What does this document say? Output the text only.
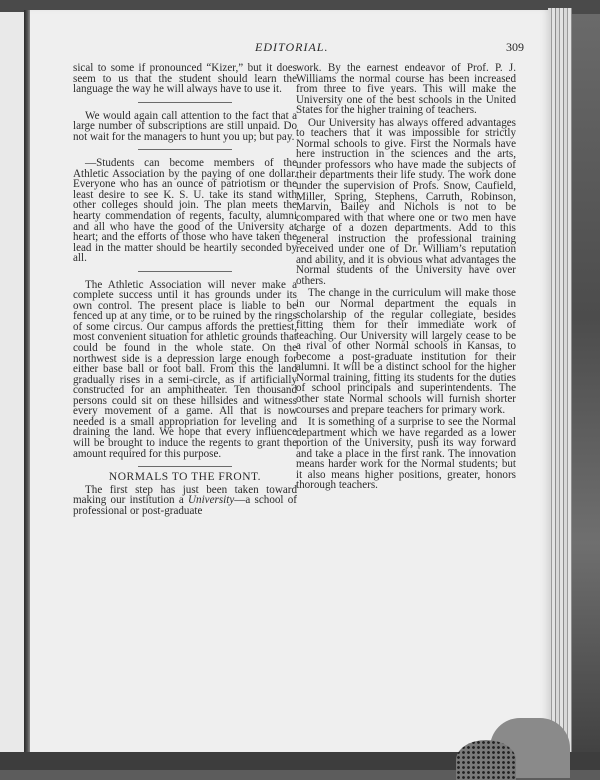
EDITORIAL.	309

sical to some if pronounced “Kizer,” but it does seem to us that the student should learn the language the way he will always have to use it.

We would again call attention to the fact that a large number of subscriptions are still unpaid. Do not wait for the managers to hunt you up; but pay.

—Students can become members of the Athletic Association by the paying of one dollar. Everyone who has an ounce of patriotism or the least desire to see K. S. U. take its stand with other colleges should join. The plan meets the hearty commendation of regents, faculty, alumni and all who have the good of the University at heart; and the efforts of those who have taken the lead in the matter should be heartily seconded by all.

The Athletic Association will never make a complete success until it has grounds under its own control. The present place is liable to be fenced up at any time, or to be ruined by the rings of some circus. Our campus affords the prettiest, most convenient situation for athletic grounds that could be found in the whole state. On the northwest side is a depression large enough for either base ball or foot ball. From this the land gradually rises in a semi-circle, as if artificially constructed for an amphitheater. Ten thousand persons could sit on these hillsides and witness every movement of a game. All that is now needed is a small appropriation for leveling and draining the land. We hope that every influence will be brought to induce the regents to grant the amount required for this purpose.

NORMALS TO THE FRONT.

The first step has just been taken toward making our institution a University—a school of professional or post-graduate

work. By the earnest endeavor of Prof. P. J. Williams the normal course has been increased from three to five years. This will make the University one of the best schools in the United States for the higher training of teachers.

Our University has always offered advantages to teachers that it was impossible for strictly Normal schools to give. First the Normals have here instruction in the sciences and the arts, under professors who have made the subjects of their departments their life study. The work done under the supervision of Profs. Snow, Caufield, Miller, Spring, Stephens, Carruth, Robinson, Marvin, Bailey and Nichols is not to be compared with that where one or two men have charge of a dozen departments. Add to this general instruction the professional training received under one of Dr. William’s reputation and ability, and it is obvious what advantages the Normal students of the University have over others.

The change in the curriculum will make those in our Normal department the equals in scholarship of the regular collegiate, besides fitting them for their immediate work of teaching. Our University will largely cease to be a rival of other Normal schools in Kansas, to become a post-graduate institution for their alumni. It will be a distinct school for the higher Normal training, fitting its students for the duties of school principals and superintendents. The other state Normal schools will furnish shorter courses and prepare teachers for primary work.

It is something of a surprise to see the Normal department which we have regarded as a lower portion of the University, push its way forward and take a place in the first rank. The innovation means harder work for the Normal students; but it also means higher positions, greater, honors thorough teachers.
